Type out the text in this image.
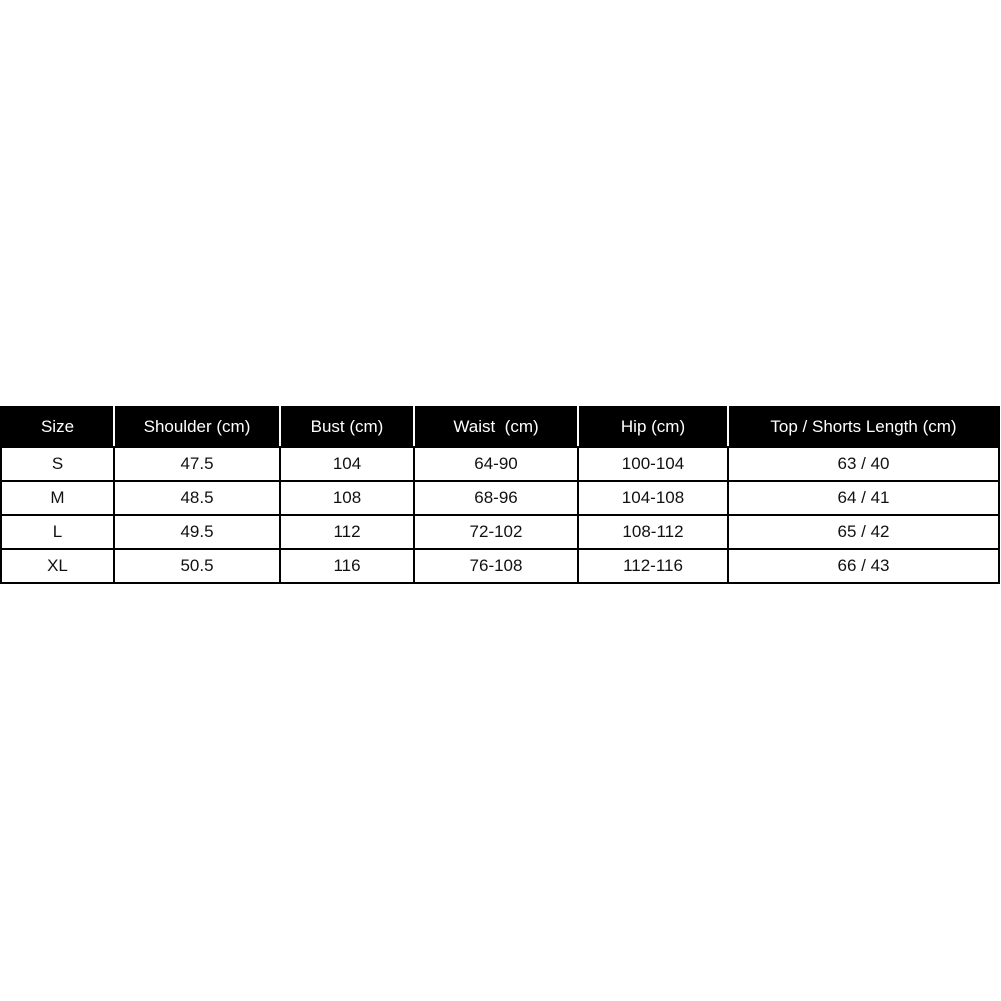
Size	Shoulder (cm)	Bust (cm)	Waist  (cm)	Hip (cm)	Top / Shorts Length (cm)
S	47.5	104	64-90	100-104	63 / 40
M	48.5	108	68-96	104-108	64 / 41
L	49.5	112	72-102	108-112	65 / 42
XL	50.5	116	76-108	112-116	66 / 43
